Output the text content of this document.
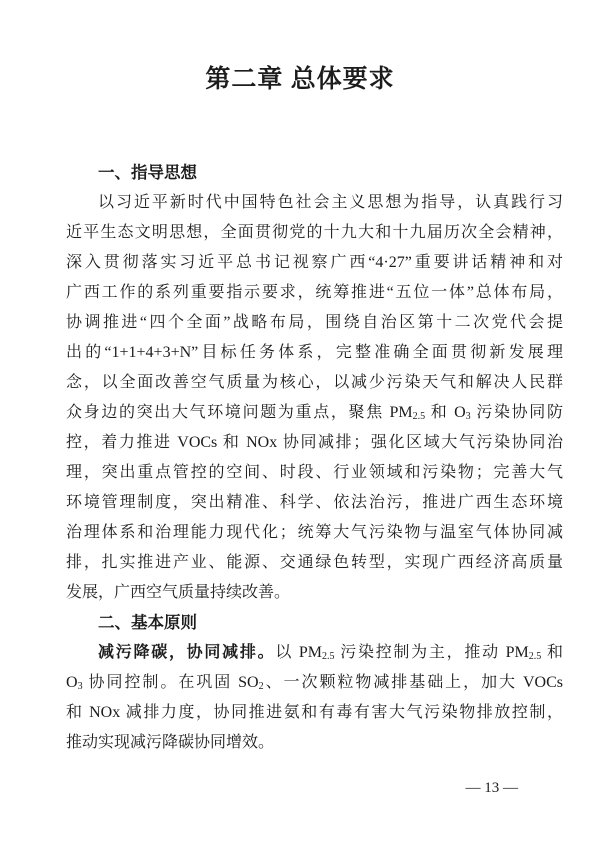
第二章 总体要求
一、指导思想
以习近平新时代中国特色社会主义思想为指导，认真践行习
近平生态文明思想，全面贯彻党的十九大和十九届历次全会精神，
深入贯彻落实习近平总书记视察广西“4·27”重要讲话精神和对
广西工作的系列重要指示要求，统筹推进“五位一体”总体布局，
协调推进“四个全面”战略布局，围绕自治区第十二次党代会提
出的“1+1+4+3+N”目标任务体系，完整准确全面贯彻新发展理
念，以全面改善空气质量为核心，以减少污染天气和解决人民群
众身边的突出大气环境问题为重点，聚焦 $PM_{2.5}$ 和 $O_3$ 污染协同防
控，着力推进 VOCs 和 NOx 协同减排；强化区域大气污染协同治
理，突出重点管控的空间、时段、行业领域和污染物；完善大气
环境管理制度，突出精准、科学、依法治污，推进广西生态环境
治理体系和治理能力现代化；统筹大气污染物与温室气体协同减
排，扎实推进产业、能源、交通绿色转型，实现广西经济高质量
发展，广西空气质量持续改善。
二、基本原则
减污降碳，协同减排。以 $PM_{2.5}$ 污染控制为主，推动 $PM_{2.5}$ 和
$O_3$ 协同控制。在巩固 $SO_2$、一次颗粒物减排基础上，加大 VOCs
和 NOx 减排力度，协同推进氨和有毒有害大气污染物排放控制，
推动实现减污降碳协同增效。
— 13 —
